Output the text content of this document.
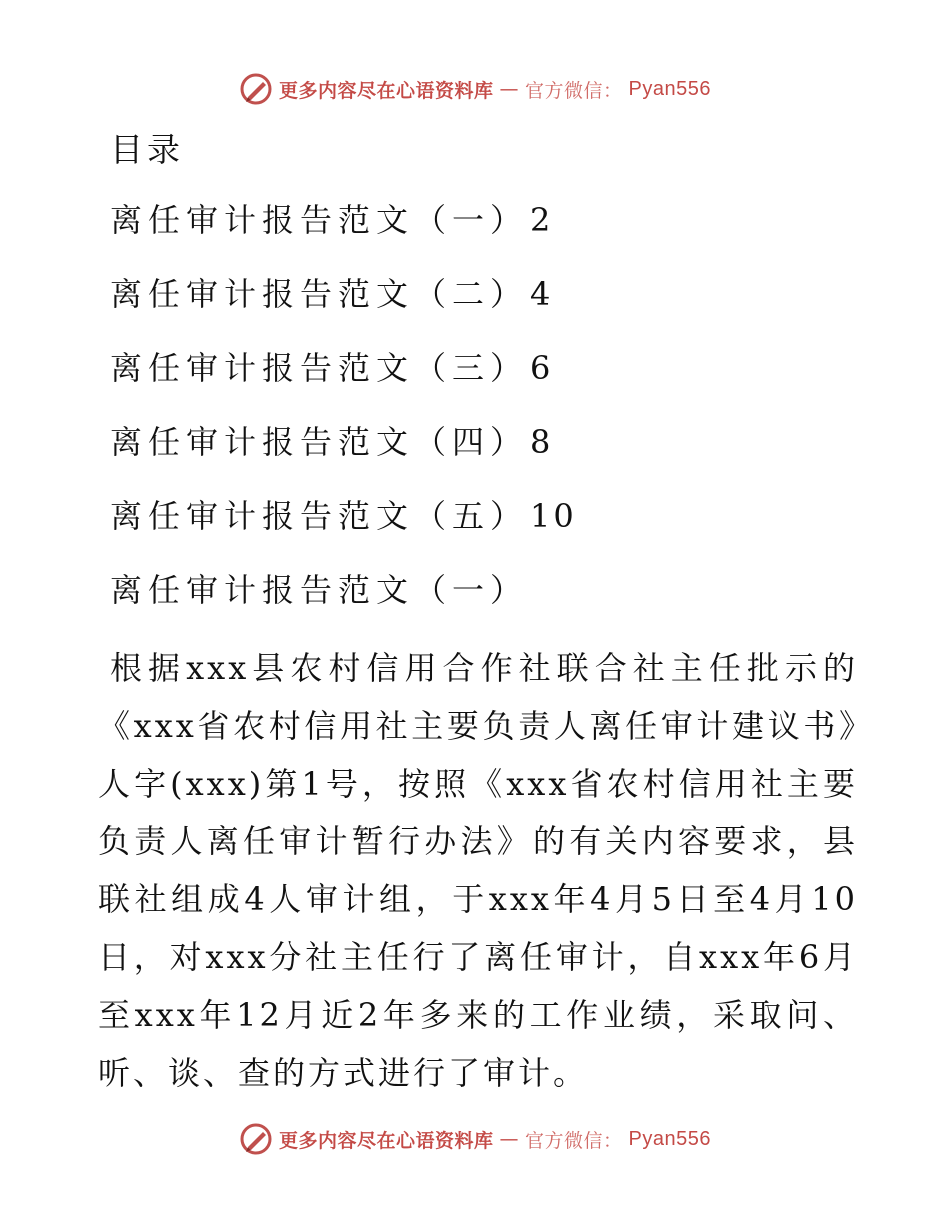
更多内容尽在心语资料库 — 官方微信： Pyan556
目录
离任审计报告范文（一）2
离任审计报告范文（二）4
离任审计报告范文（三）6
离任审计报告范文（四）8
离任审计报告范文（五）10
离任审计报告范文（一）

根据xxx县农村信用合作社联合社主任批示的《xxx省农村信用社主要负责人离任审计建议书》人字(xxx)第1号，按照《xxx省农村信用社主要负责人离任审计暂行办法》的有关内容要求，县联社组成4人审计组，于xxx年4月5日至4月10日，对xxx分社主任行了离任审计，自xxx年6月至xxx年12月近2年多来的工作业绩，采取问、听、谈、查的方式进行了审计。

更多内容尽在心语资料库 — 官方微信： Pyan556
